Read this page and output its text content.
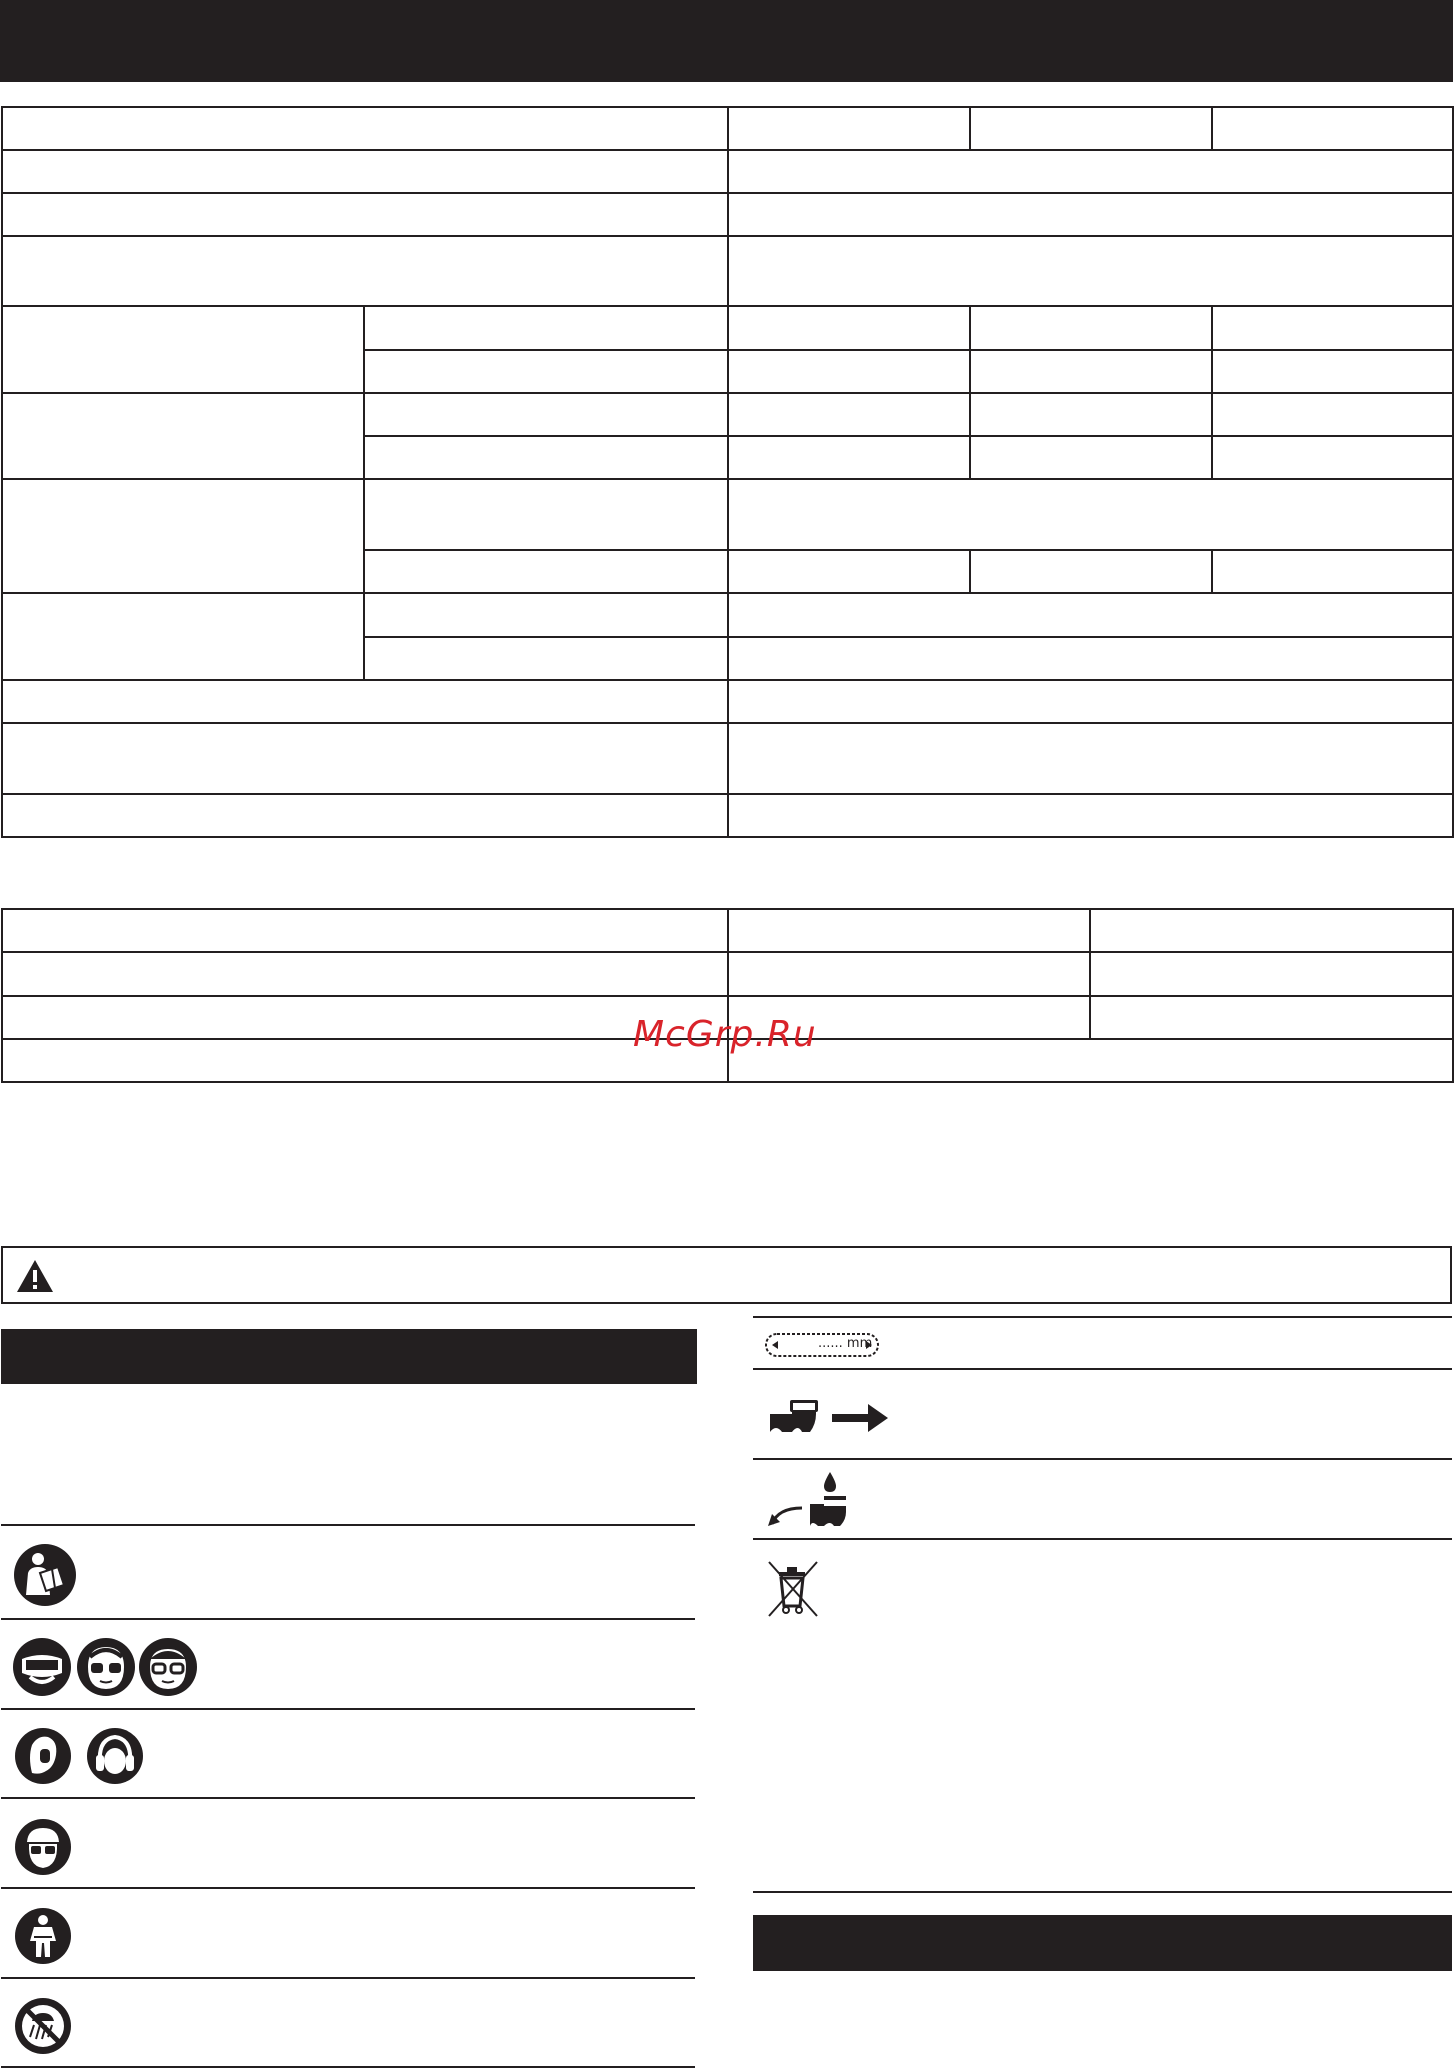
McGrp.Ru
...... mm
